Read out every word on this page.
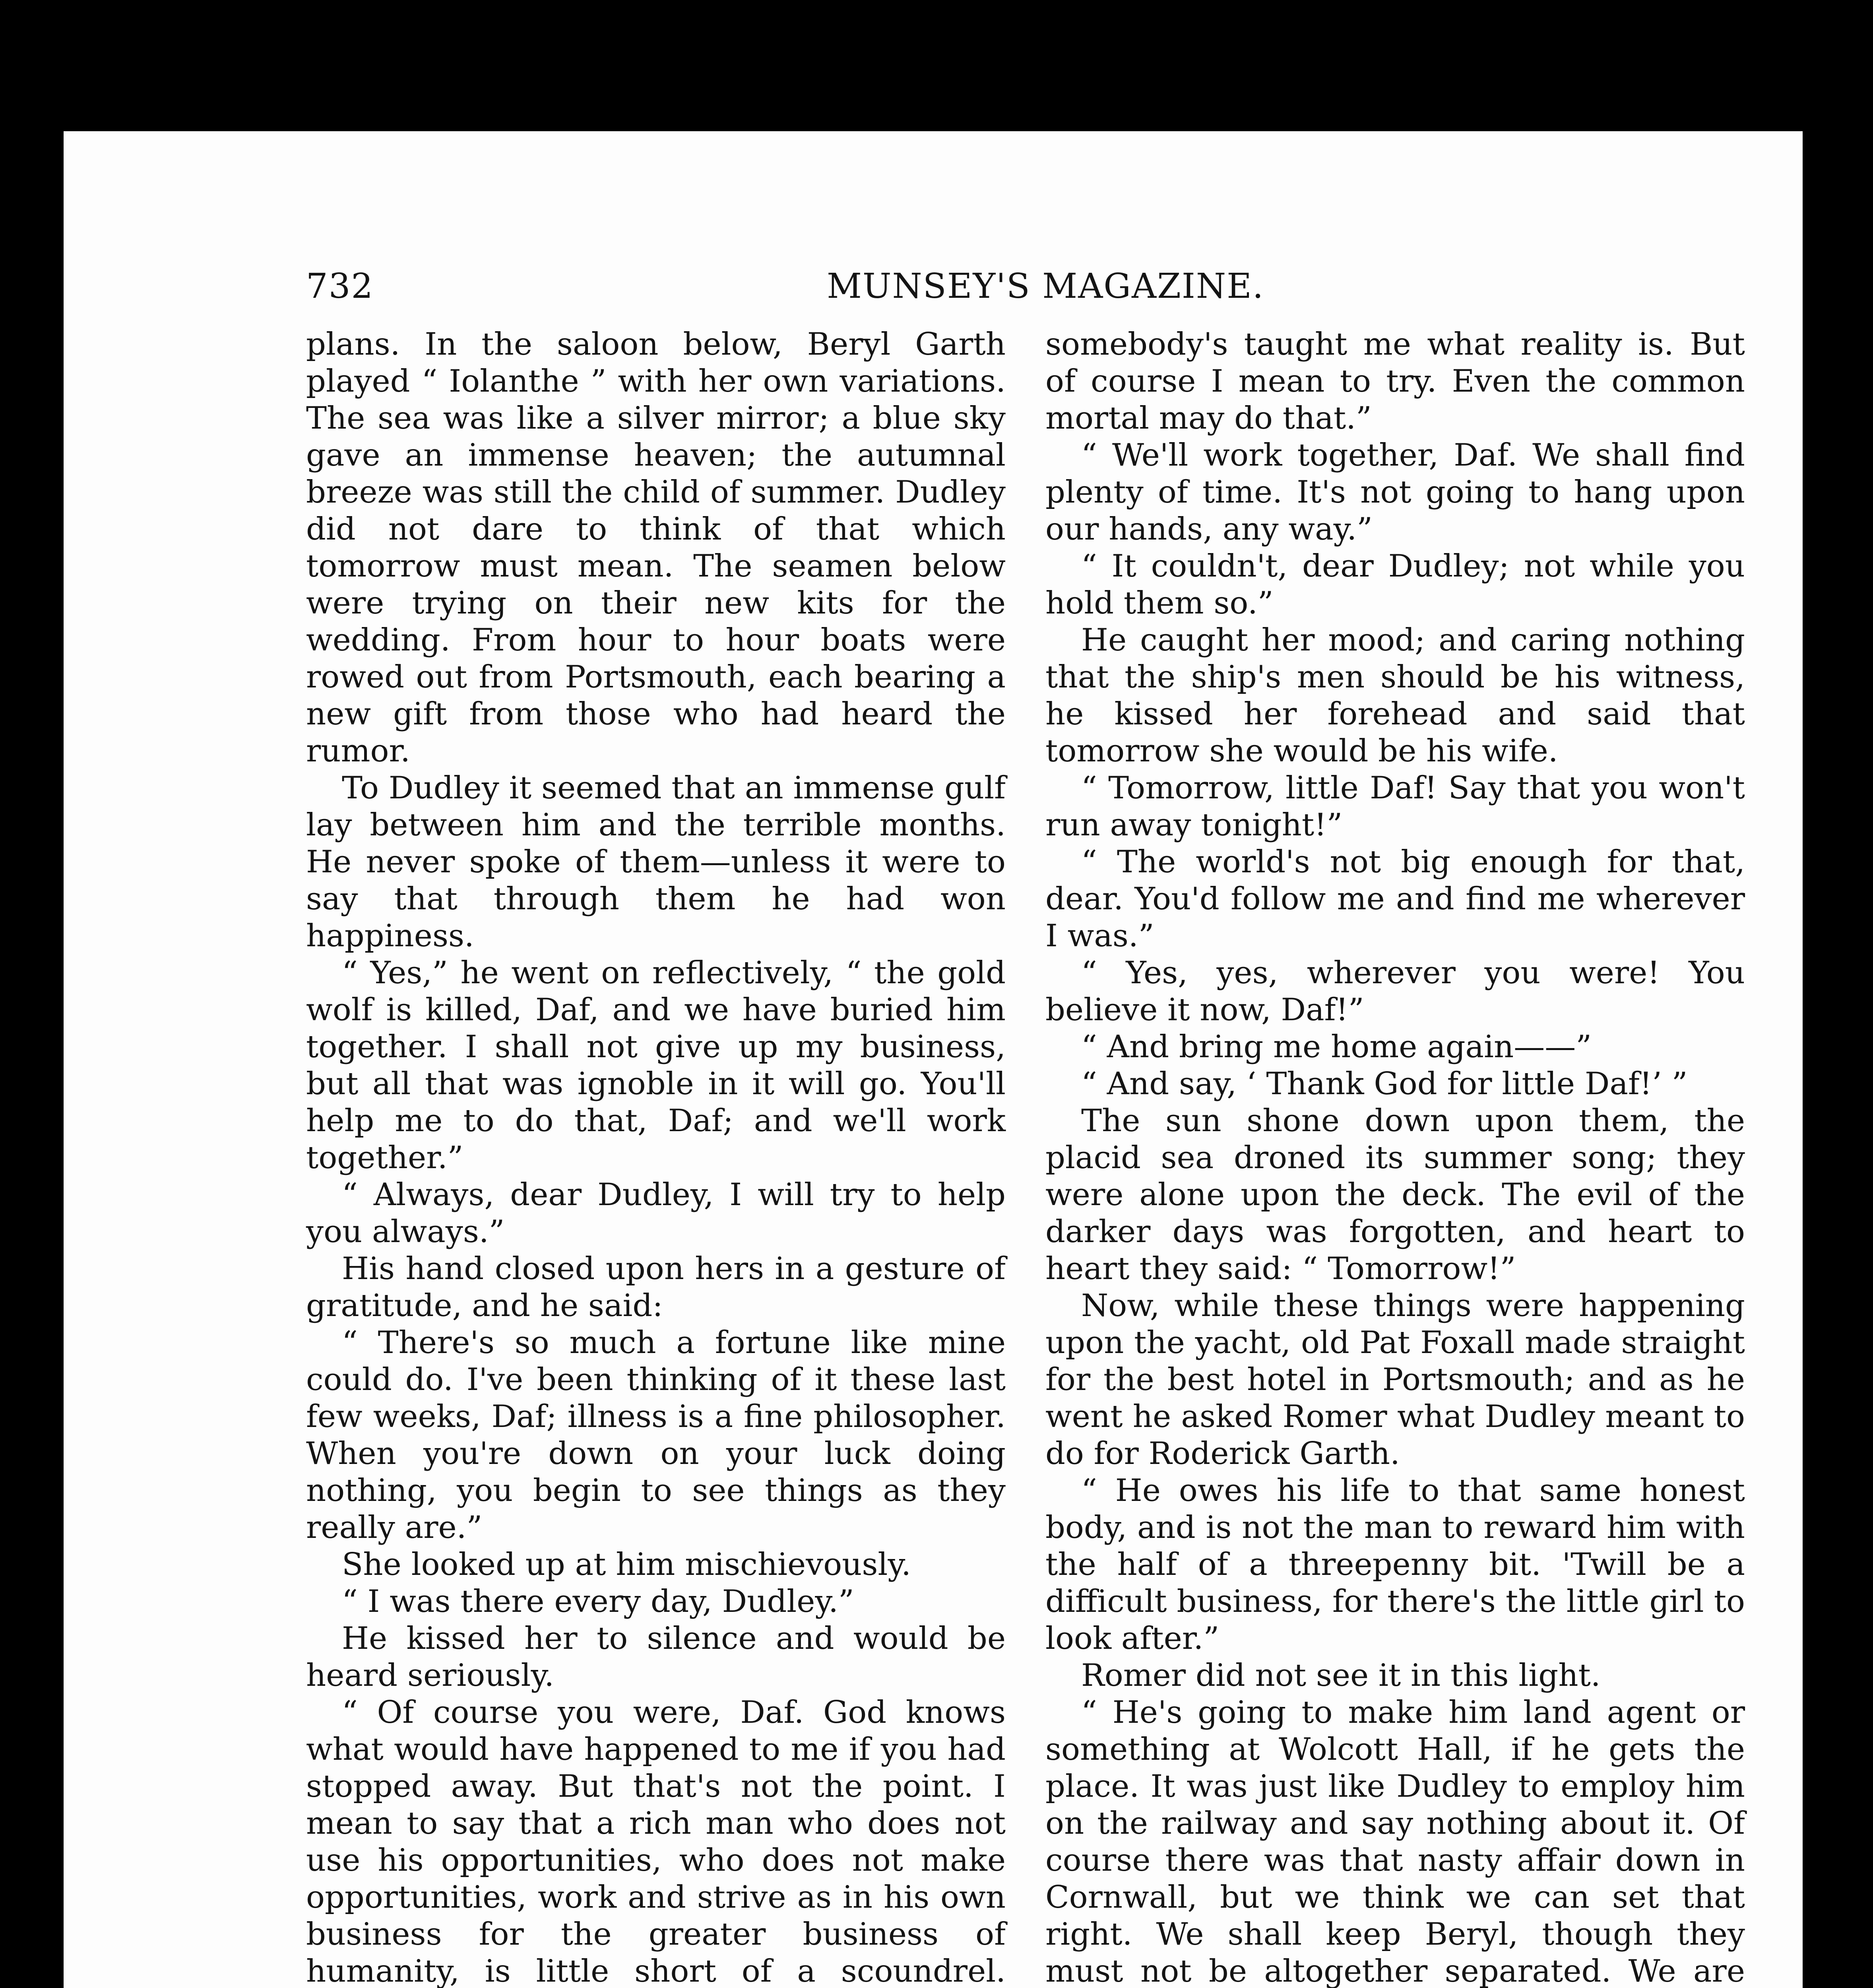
732	MUNSEY'S MAGAZINE.

plans. In the saloon below, Beryl Garth played “ Iolanthe ” with her own variations. The sea was like a silver mirror; a blue sky gave an immense heaven; the autumnal breeze was still the child of summer. Dudley did not dare to think of that which tomorrow must mean. The seamen below were trying on their new kits for the wedding. From hour to hour boats were rowed out from Portsmouth, each bearing a new gift from those who had heard the rumor.

To Dudley it seemed that an immense gulf lay between him and the terrible months. He never spoke of them—unless it were to say that through them he had won happiness.

“ Yes,” he went on reflectively, “ the gold wolf is killed, Daf, and we have buried him together. I shall not give up my business, but all that was ignoble in it will go. You'll help me to do that, Daf; and we'll work together.”

“ Always, dear Dudley, I will try to help you always.”

His hand closed upon hers in a gesture of gratitude, and he said:

“ There's so much a fortune like mine could do. I've been thinking of it these last few weeks, Daf; illness is a fine philosopher. When you're down on your luck doing nothing, you begin to see things as they really are.”

She looked up at him mischievously.

“ I was there every day, Dudley.”

He kissed her to silence and would be heard seriously.

“ Of course you were, Daf. God knows what would have happened to me if you had stopped away. But that's not the point. I mean to say that a rich man who does not use his opportunities, who does not make opportunities, work and strive as in his own business for the greater business of humanity, is little short of a scoundrel.

somebody's taught me what reality is. But of course I mean to try. Even the common mortal may do that.”

“ We'll work together, Daf. We shall find plenty of time. It's not going to hang upon our hands, any way.”

“ It couldn't, dear Dudley; not while you hold them so.”

He caught her mood; and caring nothing that the ship's men should be his witness, he kissed her forehead and said that tomorrow she would be his wife.

“ Tomorrow, little Daf! Say that you won't run away tonight!”

“ The world's not big enough for that, dear. You'd follow me and find me wherever I was.”

“ Yes, yes, wherever you were! You believe it now, Daf!”

“ And bring me home again——”

“ And say, ‘ Thank God for little Daf!’ ”

The sun shone down upon them, the placid sea droned its summer song; they were alone upon the deck. The evil of the darker days was forgotten, and heart to heart they said: “ Tomorrow!”

Now, while these things were happening upon the yacht, old Pat Foxall made straight for the best hotel in Portsmouth; and as he went he asked Romer what Dudley meant to do for Roderick Garth.

“ He owes his life to that same honest body, and is not the man to reward him with the half of a threepenny bit. 'Twill be a difficult business, for there's the little girl to look after.”

Romer did not see it in this light.

“ He's going to make him land agent or something at Wolcott Hall, if he gets the place. It was just like Dudley to employ him on the railway and say nothing about it. Of course there was that nasty affair down in Cornwall, but we think we can set that right. We shall keep Beryl, though they must not be altogether separated. We are
